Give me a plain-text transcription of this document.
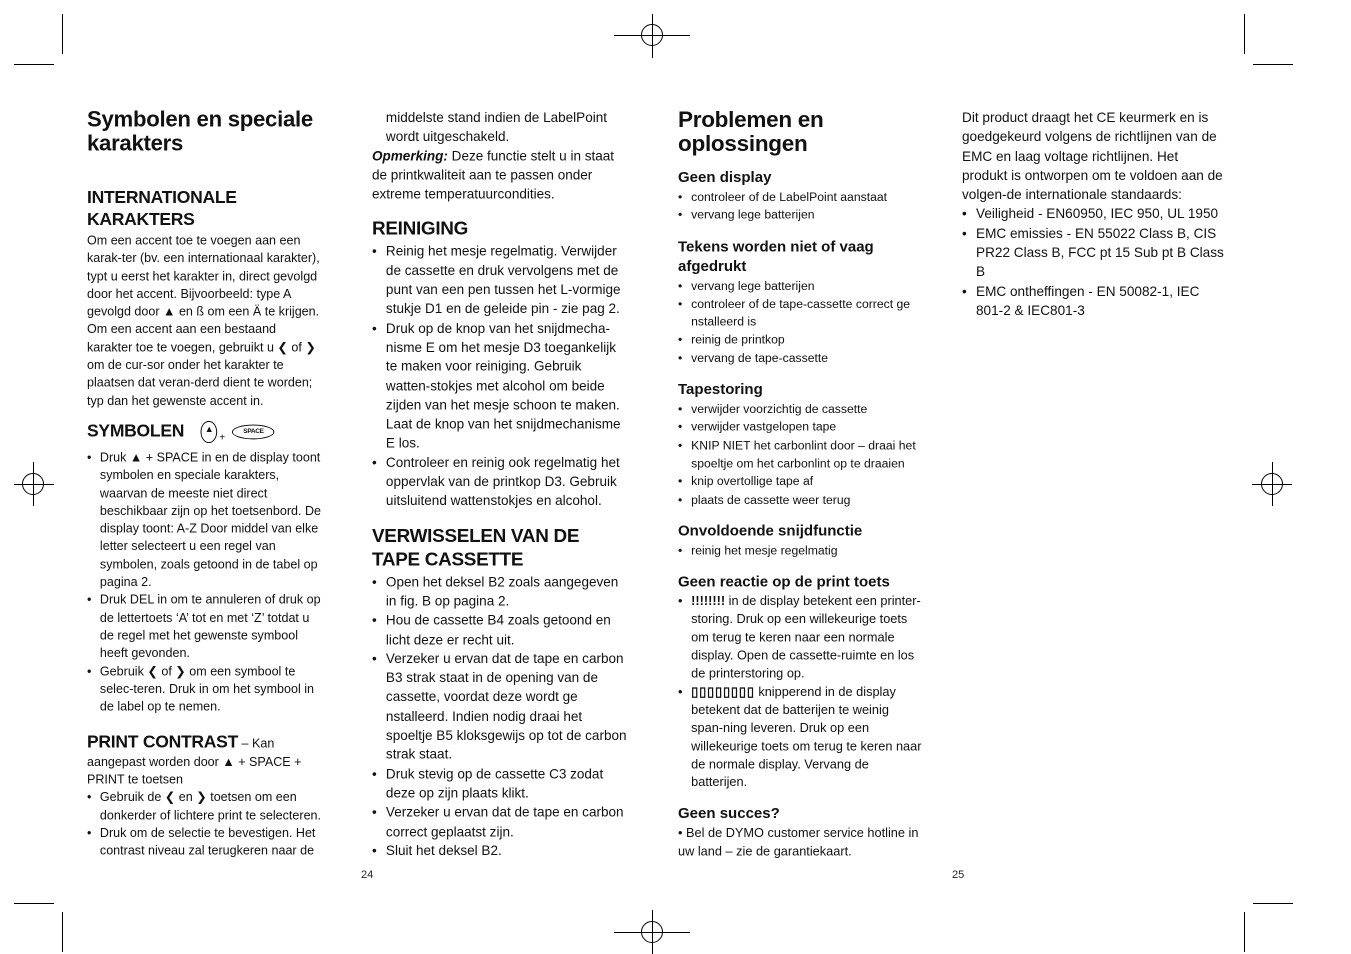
Symbolen en speciale karakters
INTERNATIONALE KARAKTERS

Om een accent toe te voegen aan een karak-ter (bv. een internationaal karakter), typt u eerst het karakter in, direct gevolgd door het accent. Bijvoorbeeld: type A gevolgd door ▲ en ß om een Ä te krijgen.

Om een accent aan een bestaand karakter toe te voegen, gebruikt u ❮ of ❯ om de cur-sor onder het karakter te plaatsen dat veran-derd dient te worden; typ dan het gewenste accent in.

SYMBOLEN $▲_+SPACE$
• Druk ▲ + SPACE in en de display toont symbolen en speciale karakters, waarvan de meeste niet direct beschikbaar zijn op het toetsenbord. De display toont: A-Z Door middel van elke letter selecteert u een regel van symbolen, zoals getoond in de tabel op pagina 2.
• Druk DEL in om te annuleren of druk op de lettertoets ‘A’ tot en met ‘Z’ totdat u de regel met het gewenste symbool heeft gevonden.
• Gebruik ❮ of ❯ om een symbool te selec-teren. Druk in om het symbool in de label op te nemen.

PRINT CONTRAST – Kan aangepast worden door ▲ + SPACE + PRINT te toetsen

• Gebruik de ❮ en ❯ toetsen om een donkerder of lichtere print te selecteren.
• Druk om de selectie te bevestigen. Het contrast niveau zal terugkeren naar de

middelste stand indien de LabelPoint wordt uitgeschakeld.

Opmerking: Deze functie stelt u in staat de printkwaliteit aan te passen onder extreme temperatuurcondities.

REINIGING
• Reinig het mesje regelmatig. Verwijder de cassette en druk vervolgens met de punt van een pen tussen het L-vormige stukje D1 en de geleide pin - zie pag 2.
• Druk op de knop van het snijdmecha-nisme E om het mesje D3 toegankelijk te maken voor reiniging. Gebruik watten-stokjes met alcohol om beide zijden van het mesje schoon te maken. Laat de knop van het snijdmechanisme E los.
• Controleer en reinig ook regelmatig het oppervlak van de printkop D3. Gebruik uitsluitend wattenstokjes en alcohol.
VERWISSELEN VAN DE TAPE CASSETTE
• Open het deksel B2 zoals aangegeven in fig. B op pagina 2.
• Hou de cassette B4 zoals getoond en licht deze er recht uit.
• Verzeker u ervan dat de tape en carbon B3 strak staat in de opening van de cassette, voordat deze wordt ge nstalleerd. Indien nodig draai het spoeltje B5 kloksgewijs op tot de carbon strak staat.
• Druk stevig op de cassette C3 zodat deze op zijn plaats klikt.
• Verzeker u ervan dat de tape en carbon correct geplaatst zijn.
• Sluit het deksel B2.
24
Problemen en oplossingen
Geen display
• controleer of de LabelPoint aanstaat
• vervang lege batterijen
Tekens worden niet of vaag afgedrukt
• vervang lege batterijen
• controleer of de tape-cassette correct ge nstalleerd is
• reinig de printkop
• vervang de tape-cassette
Tapestoring
• verwijder voorzichtig de cassette
• verwijder vastgelopen tape
• KNIP NIET het carbonlint door – draai het spoeltje om het carbonlint op te draaien
• knip overtollige tape af
• plaats de cassette weer terug
Onvoldoende snijdfunctie
• reinig het mesje regelmatig
Geen reactie op de print toets
• !!!!!!!! in de display betekent een printer-storing. Druk op een willekeurige toets om terug te keren naar een normale display. Open de cassette-ruimte en los de printerstoring op.
• ▯▯▯▯▯▯▯▯ knipperend in de display betekent dat de batterijen te weinig span-ning leveren. Druk op een willekeurige toets om terug te keren naar de normale display. Vervang de batterijen.
Geen succes?

• Bel de DYMO customer service hotline in uw land – zie de garantiekaart.

Dit product draagt het CE keurmerk en is goedgekeurd volgens de richtlijnen van de EMC en laag voltage richtlijnen. Het produkt is ontworpen om te voldoen aan de volgen-de internationale standaards:

• Veiligheid - EN60950, IEC 950, UL 1950
• EMC emissies - EN 55022 Class B, CIS PR22 Class B, FCC pt 15 Sub pt B Class B
• EMC ontheffingen - EN 50082-1, IEC 801-2 & IEC801-3
25
